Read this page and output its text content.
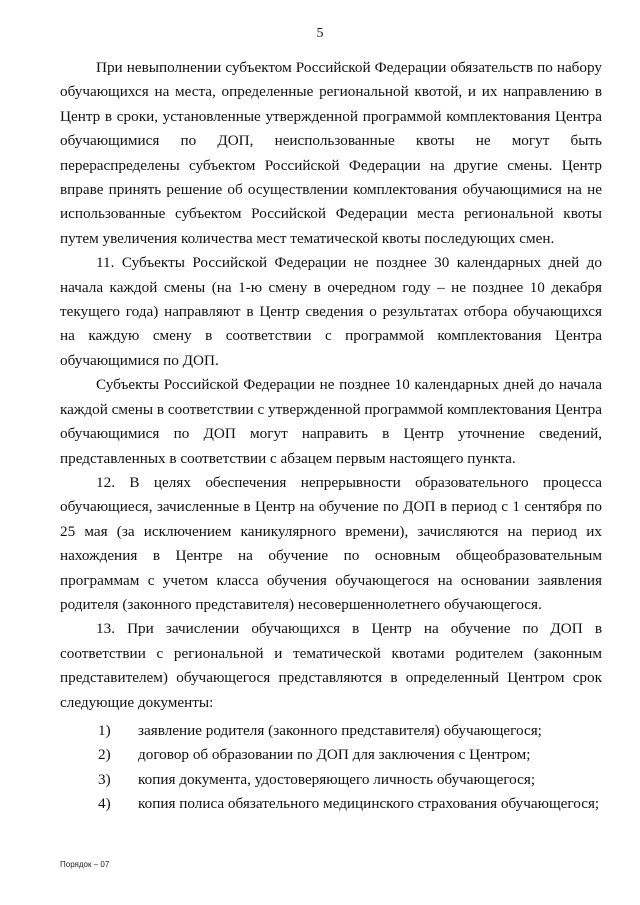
5

При невыполнении субъектом Российской Федерации обязательств по набору обучающихся на места, определенные региональной квотой, и их направлению в Центр в сроки, установленные утвержденной программой комплектования Центра обучающимися по ДОП, неиспользованные квоты не могут быть перераспределены субъектом Российской Федерации на другие смены. Центр вправе принять решение об осуществлении комплектования обучающимися на не использованные субъектом Российской Федерации места региональной квоты путем увеличения количества мест тематической квоты последующих смен.

11. Субъекты Российской Федерации не позднее 30 календарных дней до начала каждой смены (на 1-ю смену в очередном году – не позднее 10 декабря текущего года) направляют в Центр сведения о результатах отбора обучающихся на каждую смену в соответствии с программой комплектования Центра обучающимися по ДОП.

Субъекты Российской Федерации не позднее 10 календарных дней до начала каждой смены в соответствии с утвержденной программой комплектования Центра обучающимися по ДОП могут направить в Центр уточнение сведений, представленных в соответствии с абзацем первым настоящего пункта.

12. В целях обеспечения непрерывности образовательного процесса обучающиеся, зачисленные в Центр на обучение по ДОП в период с 1 сентября по 25 мая (за исключением каникулярного времени), зачисляются на период их нахождения в Центре на обучение по основным общеобразовательным программам с учетом класса обучения обучающегося на основании заявления родителя (законного представителя) несовершеннолетнего обучающегося.

13. При зачислении обучающихся в Центр на обучение по ДОП в соответствии с региональной и тематической квотами родителем (законным представителем) обучающегося представляются в определенный Центром срок следующие документы:

1)	заявление родителя (законного представителя) обучающегося;
2)	договор об образовании по ДОП для заключения с Центром;
3)	копия документа, удостоверяющего личность обучающегося;
4)	копия полиса обязательного медицинского страхования обучающегося;
Порядок – 07
